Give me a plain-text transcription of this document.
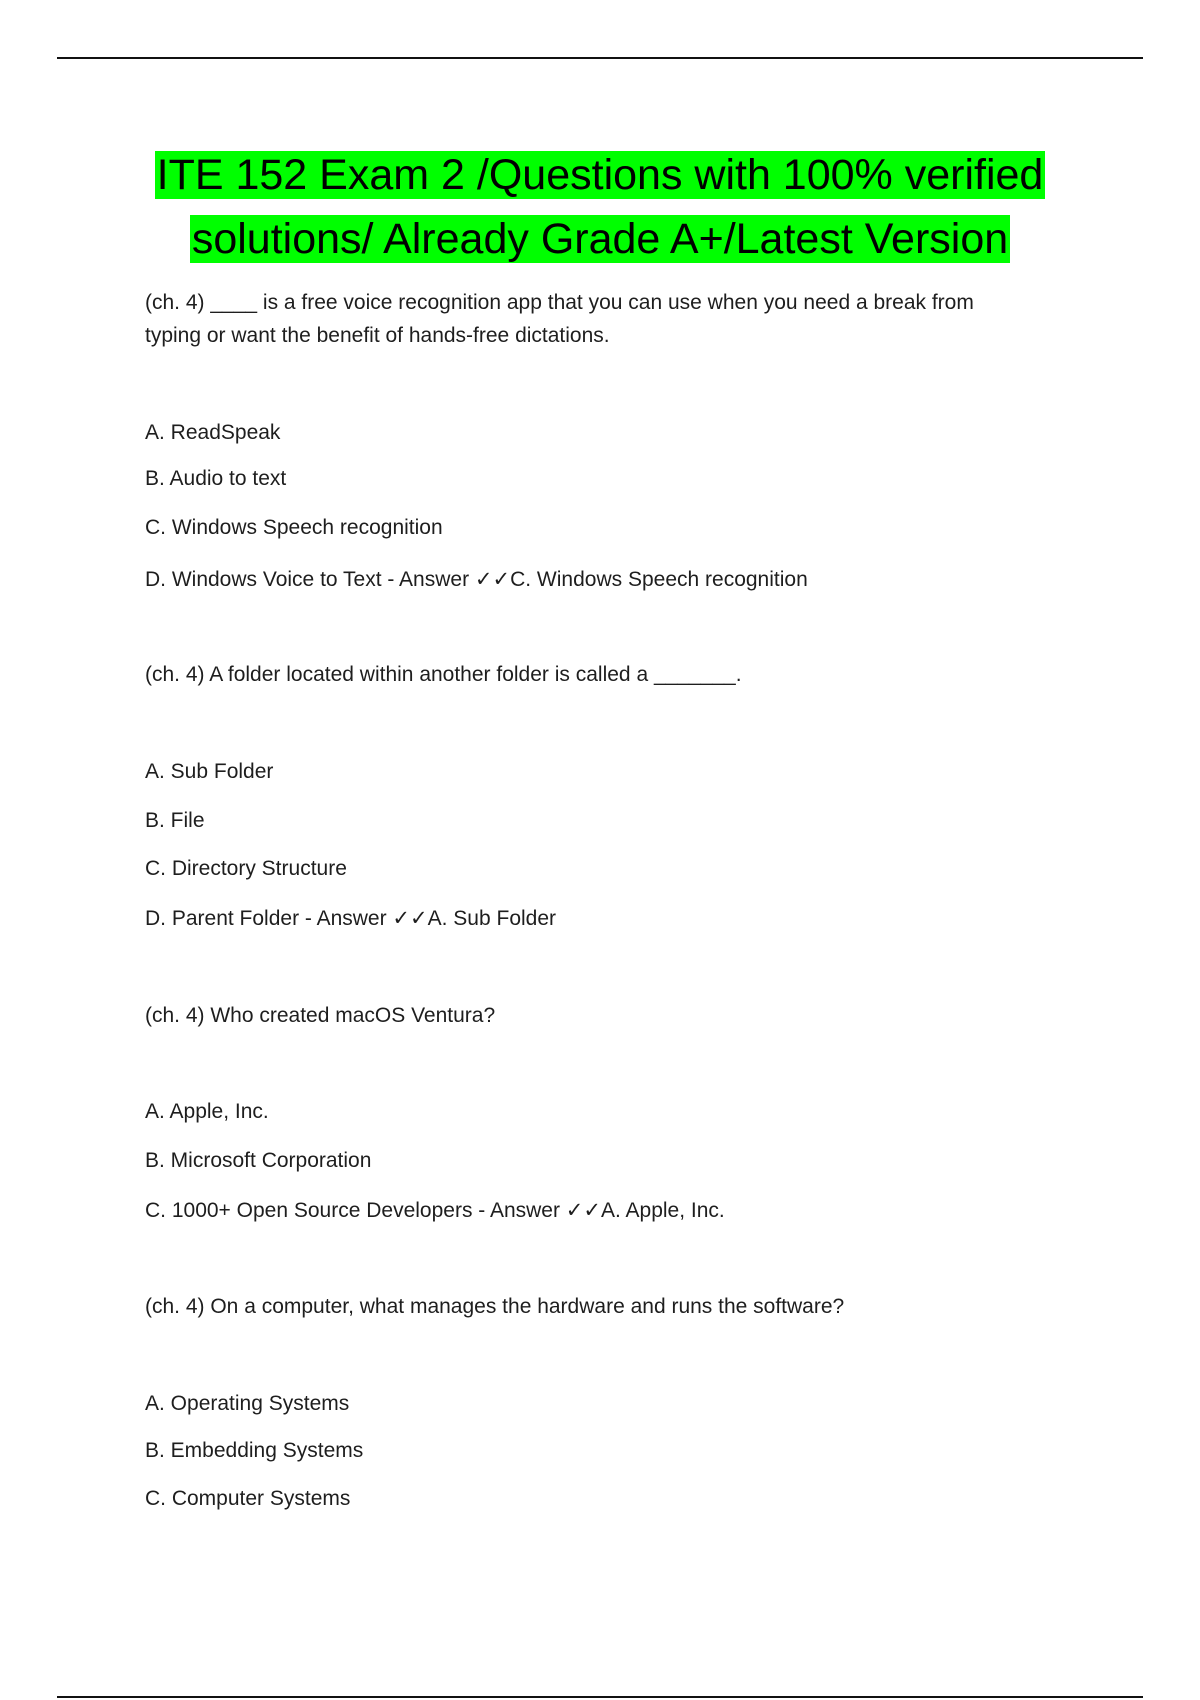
ITE 152 Exam 2 /Questions with 100% verified
solutions/ Already Grade A+/Latest Version
(ch. 4) ____ is a free voice recognition app that you can use when you need a break from
typing or want the benefit of hands-free dictations.
A. ReadSpeak
B. Audio to text
C. Windows Speech recognition
D. Windows Voice to Text - Answer ✓✓C. Windows Speech recognition
(ch. 4) A folder located within another folder is called a _______.
A. Sub Folder
B. File
C. Directory Structure
D. Parent Folder - Answer ✓✓A. Sub Folder
(ch. 4) Who created macOS Ventura?
A. Apple, Inc.
B. Microsoft Corporation
C. 1000+ Open Source Developers - Answer ✓✓A. Apple, Inc.
(ch. 4) On a computer, what manages the hardware and runs the software?
A. Operating Systems
B. Embedding Systems
C. Computer Systems
